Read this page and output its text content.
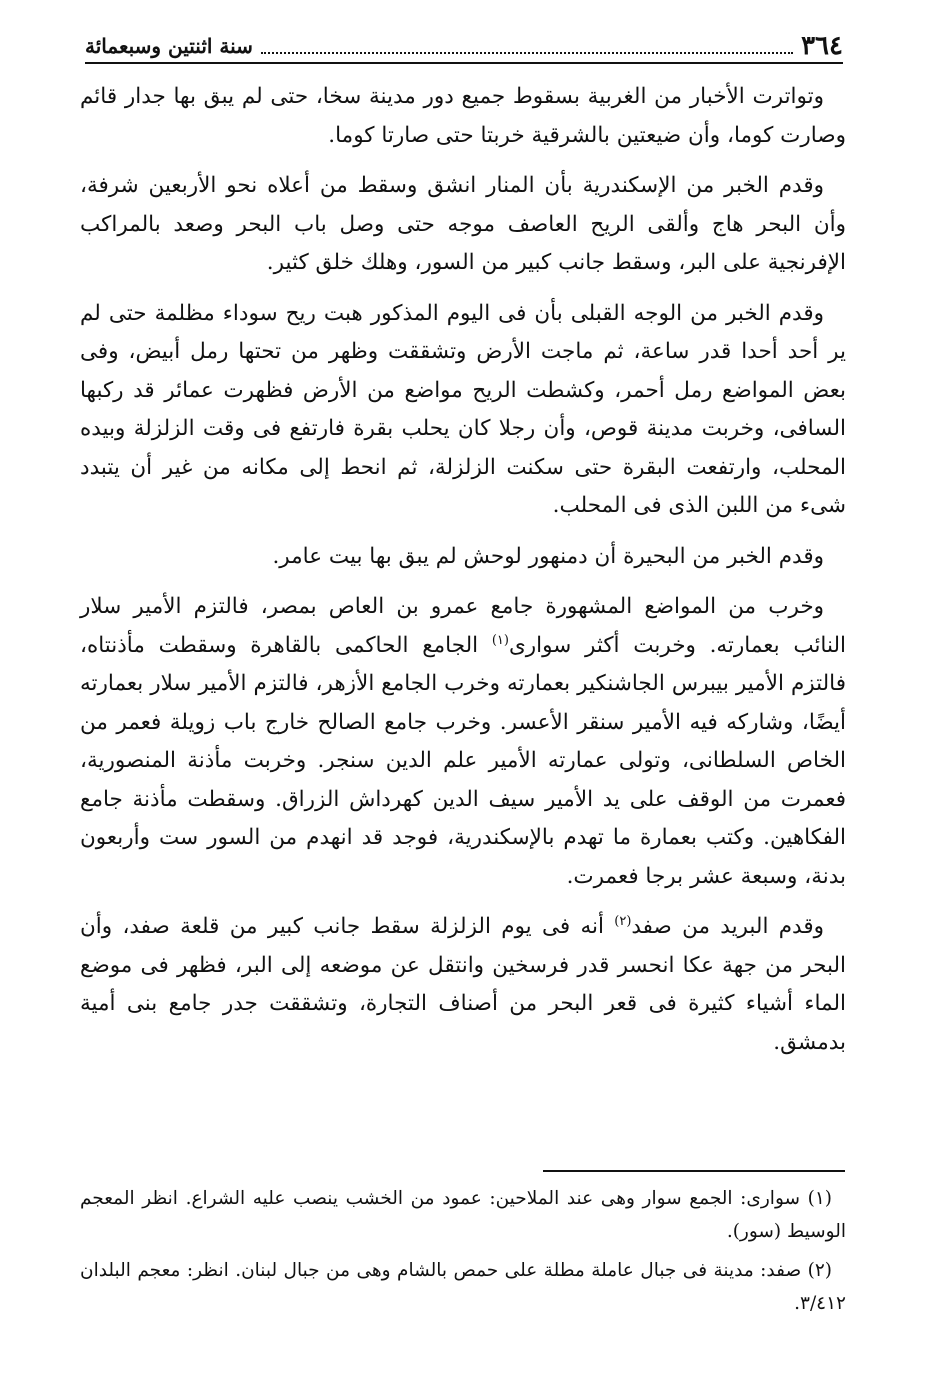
٣٦٤
سنة اثنتين وسبعمائة

وتواترت الأخبار من الغربية بسقوط جميع دور مدينة سخا، حتى لم يبق بها جدار قائم وصارت كوما، وأن ضيعتين بالشرقية خربتا حتى صارتا كوما.

وقدم الخبر من الإسكندرية بأن المنار انشق وسقط من أعلاه نحو الأربعين شرفة، وأن البحر هاج وألقى الريح العاصف موجه حتى وصل باب البحر وصعد بالمراكب الإفرنجية على البر، وسقط جانب كبير من السور، وهلك خلق كثير.

وقدم الخبر من الوجه القبلى بأن فى اليوم المذكور هبت ريح سوداء مظلمة حتى لم ير أحد أحدا قدر ساعة، ثم ماجت الأرض وتشققت وظهر من تحتها رمل أبيض، وفى بعض المواضع رمل أحمر، وكشطت الريح مواضع من الأرض فظهرت عمائر قد ركبها السافى، وخربت مدينة قوص، وأن رجلا كان يحلب بقرة فارتفع فى وقت الزلزلة وبيده المحلب، وارتفعت البقرة حتى سكنت الزلزلة، ثم انحط إلى مكانه من غير أن يتبدد شىء من اللبن الذى فى المحلب.

وقدم الخبر من البحيرة أن دمنهور لوحش لم يبق بها بيت عامر.

وخرب من المواضع المشهورة جامع عمرو بن العاص بمصر، فالتزم الأمير سلار النائب بعمارته. وخربت أكثر سوارى$^{(١)}$ الجامع الحاكمى بالقاهرة وسقطت مأذنتاه، فالتزم الأمير بيبرس الجاشنكير بعمارته وخرب الجامع الأزهر، فالتزم الأمير سلار بعمارته أيضًا، وشاركه فيه الأمير سنقر الأعسر. وخرب جامع الصالح خارج باب زويلة فعمر من الخاص السلطانى، وتولى عمارته الأمير علم الدين سنجر. وخربت مأذنة المنصورية، فعمرت من الوقف على يد الأمير سيف الدين كهرداش الزراق. وسقطت مأذنة جامع الفكاهين. وكتب بعمارة ما تهدم بالإسكندرية، فوجد قد انهدم من السور ست وأربعون بدنة، وسبعة عشر برجا فعمرت.

وقدم البريد من صفد$^{(٢)}$ أنه فى يوم الزلزلة سقط جانب كبير من قلعة صفد، وأن البحر من جهة عكا انحسر قدر فرسخين وانتقل عن موضعه إلى البر، فظهر فى موضع الماء أشياء كثيرة فى قعر البحر من أصناف التجارة، وتشققت جدر جامع بنى أمية بدمشق.

(١) سوارى: الجمع سوار وهى عند الملاحين: عمود من الخشب ينصب عليه الشراع. انظر المعجم الوسيط (سور).

(٢) صفد: مدينة فى جبال عاملة مطلة على حمص بالشام وهى من جبال لبنان. انظر: معجم البلدان ٣/٤١٢.
